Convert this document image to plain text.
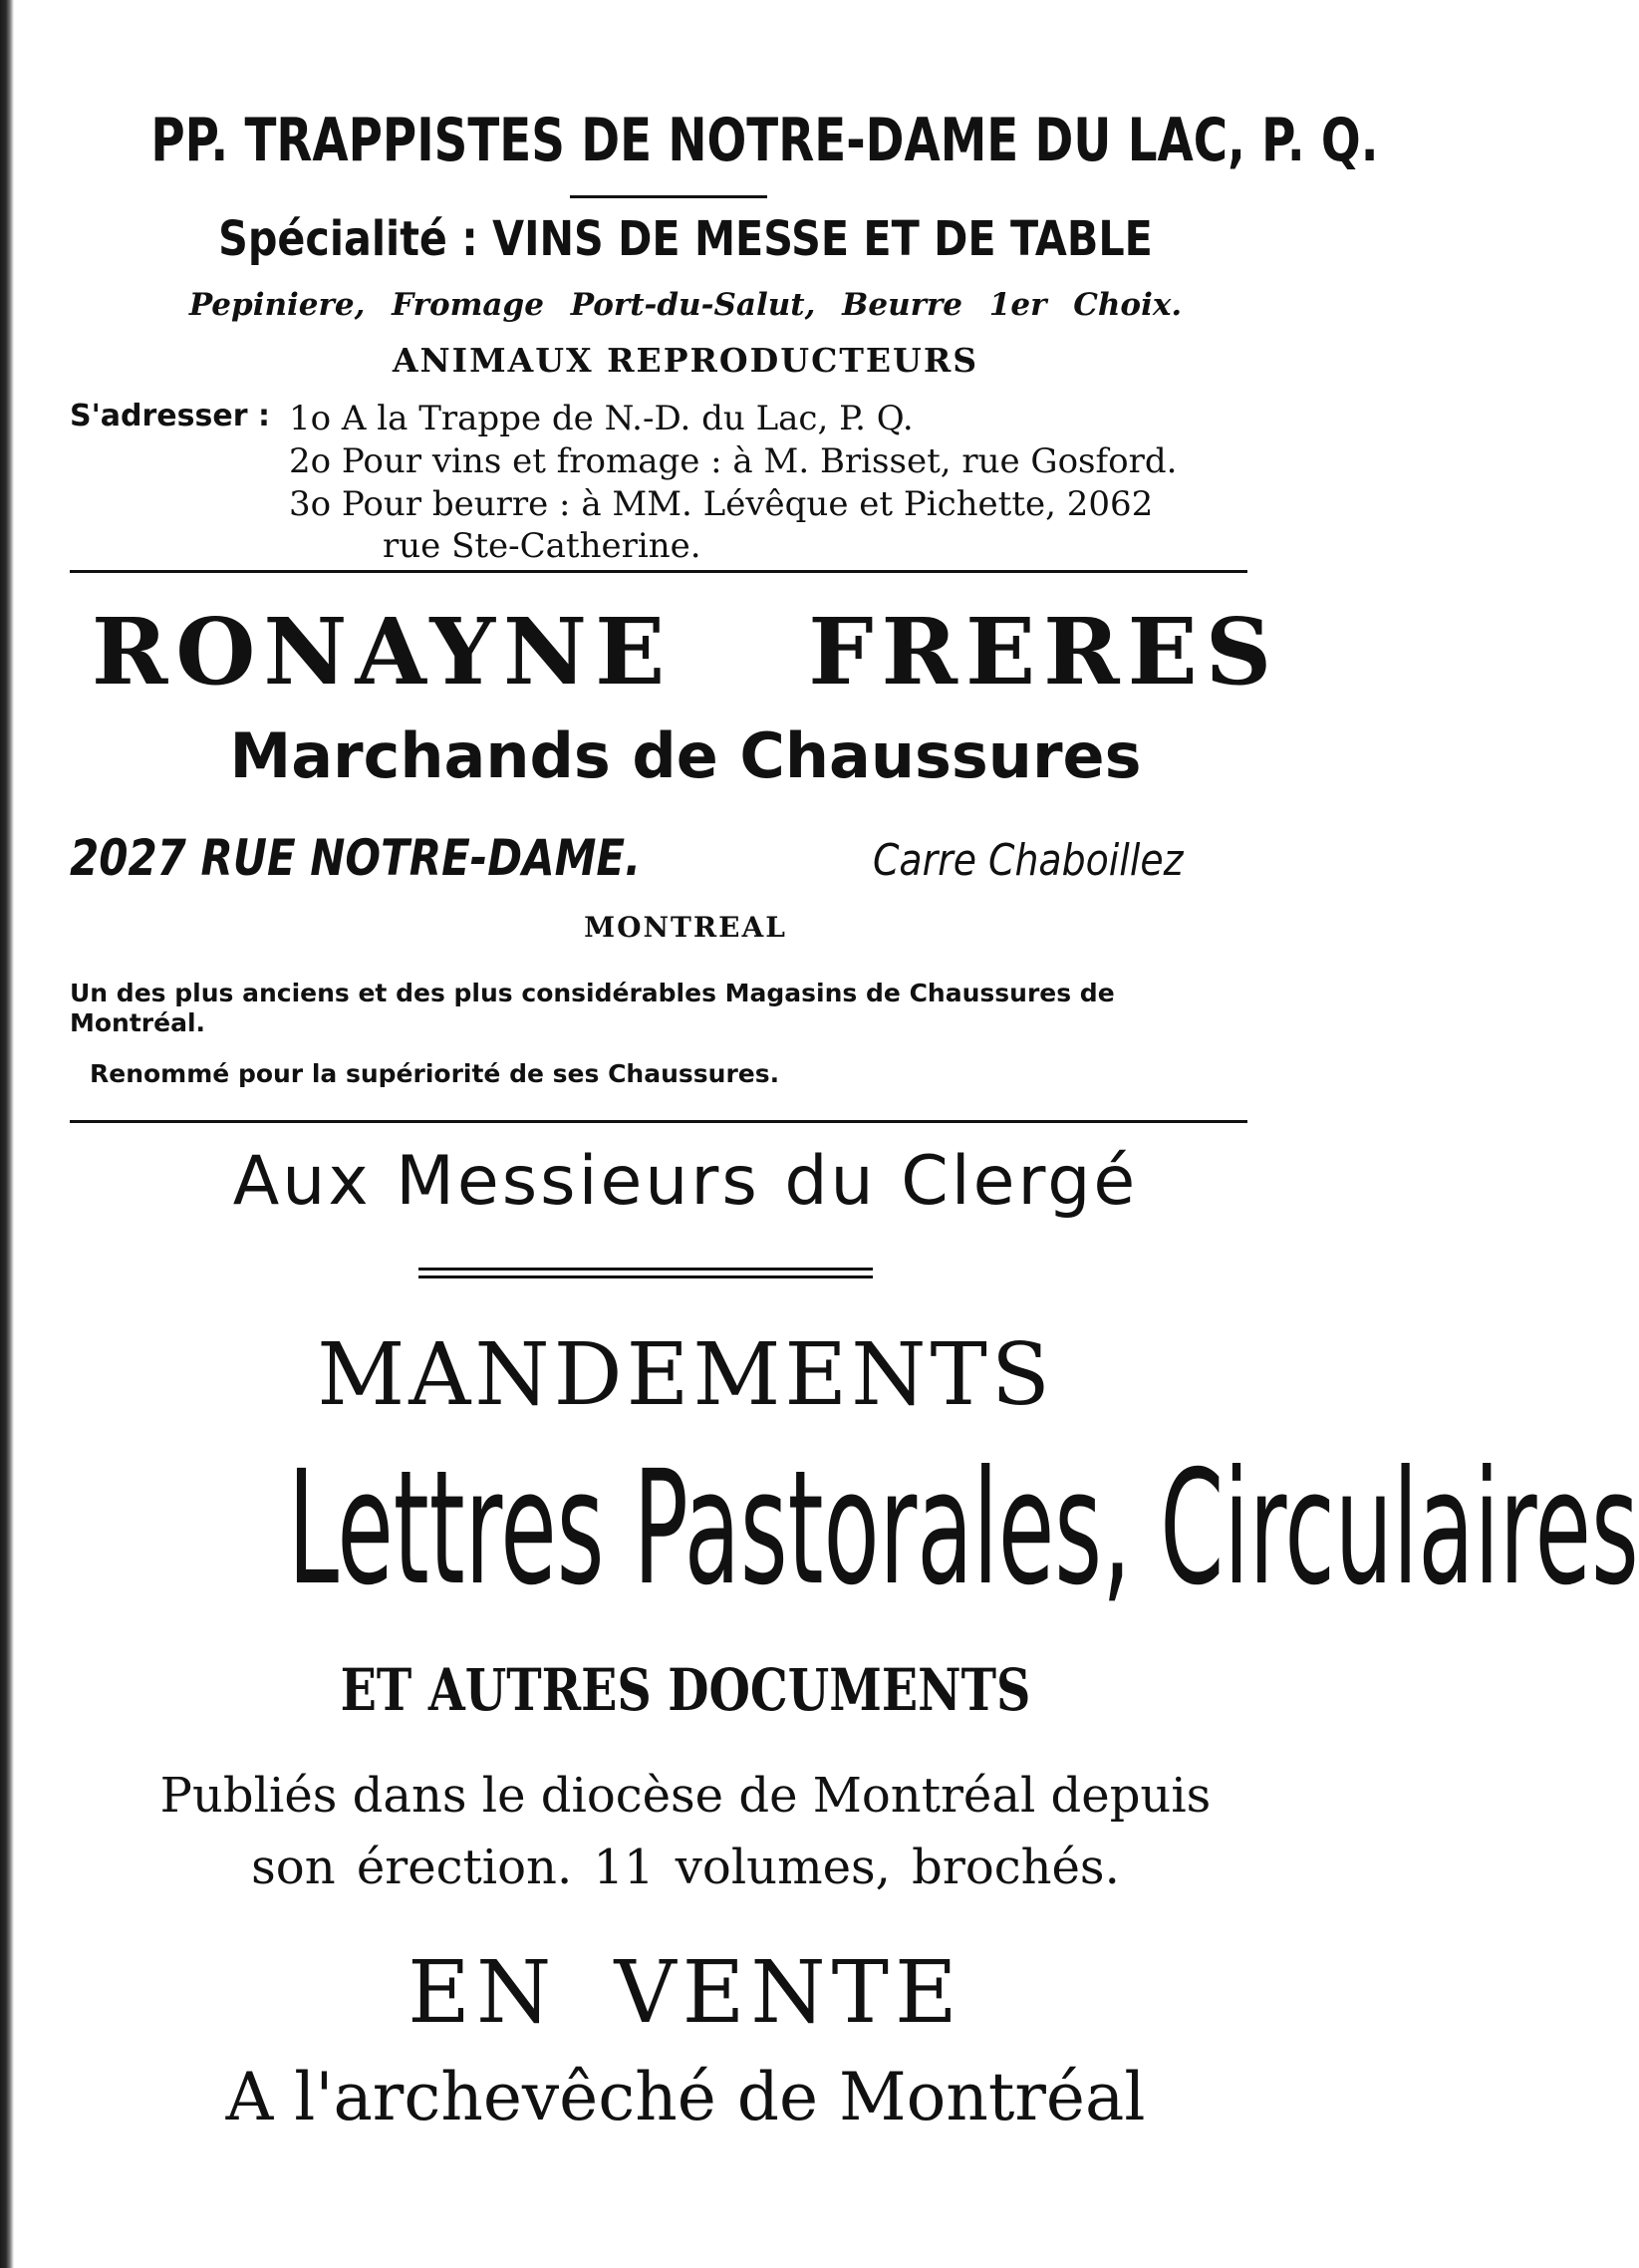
PP. TRAPPISTES DE NOTRE-DAME DU LAC, P. Q.
Spécialité : VINS DE MESSE ET DE TABLE
Pepiniere, Fromage Port-du-Salut, Beurre 1er Choix.
ANIMAUX REPRODUCTEURS
S'adresser : 1o A la Trappe de N.-D. du Lac, P. Q.
2o Pour vins et fromage : à M. Brisset, rue Gosford.
3o Pour beurre : à MM. Lévêque et Pichette, 2062
rue Ste-Catherine.
RONAYNE FRERES
Marchands de Chaussures
2027 RUE NOTRE-DAME.	Carre Chaboillez
MONTREAL
Un des plus anciens et des plus considérables Magasins de Chaussures de
Montréal.
Renommé pour la supériorité de ses Chaussures.
Aux Messieurs du Clergé
MANDEMENTS
Lettres Pastorales, Circulaires
ET AUTRES DOCUMENTS
Publiés dans le diocèse de Montréal depuis
son érection. 11 volumes, brochés.
EN VENTE
A l'archevêché de Montréal
